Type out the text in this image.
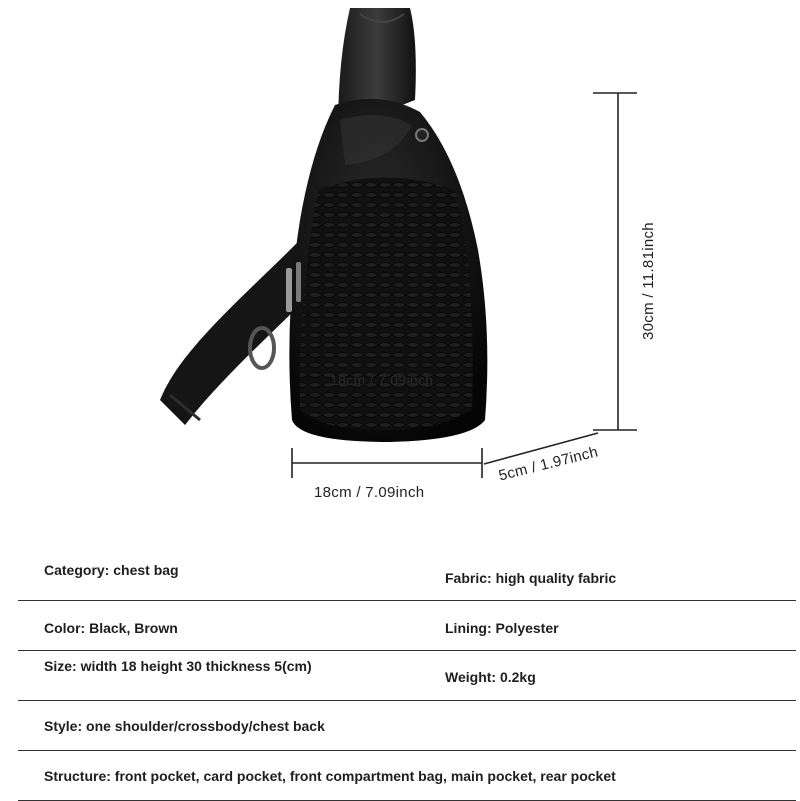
18cm / 7.09inch
5cm / 1.97inch
30cm / 11.81inch
18cm / 7.09inch
Category: chest bag	Fabric: high quality fabric
Color: Black, Brown	Lining: Polyester
Size: width 18 height 30 thickness 5(cm)
Weight: 0.2kg
Style: one shoulder/crossbody/chest back
Structure: front pocket, card pocket, front compartment bag, main pocket, rear pocket
